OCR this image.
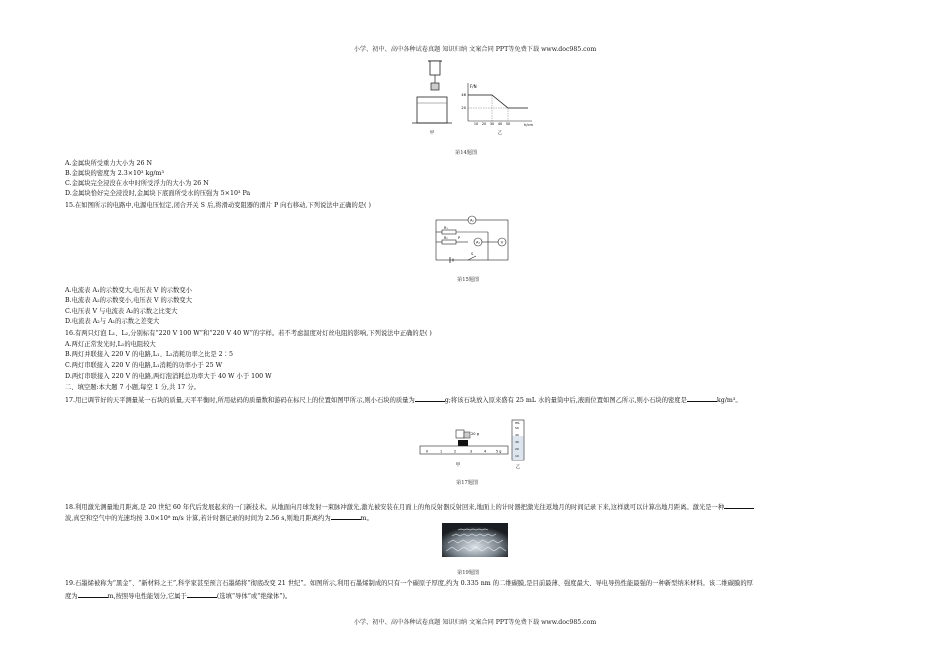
小学、初中、高中各种试卷真题 知识归纳 文案合同 PPT等免费下载 www.doc985.com
甲
F/N
h/cm
46
20
10 20 30 40 50
乙
第14题图
A.金属块所受重力大小为 26 N
B.金属块的密度为 2.3×10³ kg/m³
C.金属块完全浸没在水中时所受浮力的大小为 26 N
D.金属块恰好完全浸没时,金属块下底面所受水的压强为 5×10³ Pa
15.在如图所示的电路中,电源电压恒定,闭合开关 S 后,将滑动变阻器的滑片 P 向右移动,下列说法中正确的是( )
A₂
R₁
R₂	P
A₁	V
S
第15题图
A.电流表 A₁的示数变大,电压表 V 的示数变小
B.电流表 A₂的示数变小,电压表 V 的示数变大
C.电压表 V 与电流表 A₂的示数之比变大
D.电流表 A₂与 A₁的示数之差变大
16.有两只灯泡 L₁、L₂,分别标有“220 V 100 W”和“220 V 40 W”的字样。若不考虑温度对灯丝电阻的影响,下列说法中正确的是( )
A.两灯正常发光时,L₁的电阻较大
B.两灯并联接入 220 V 的电路,L₁、L₂消耗功率之比是 2∶5
C.两灯串联接入 220 V 的电路,L₁消耗的功率小于 25 W
D.两灯串联接入 220 V 的电路,两灯泡消耗总功率大于 40 W 小于 100 W
二、填空题:本大题 7 小题,每空 1 分,共 17 分。
17.用已调节好的天平测量某一石块的质量,天平平衡时,所用砝码的质量数和游码在标尺上的位置如图甲所示,则小石块的质量为	g;将该石块放入原来盛有 25 mL 水的量筒中后,液面位置如图乙所示,则小石块的密度是	kg/m³。
20 g
0	1	2	3	4	5 g
甲
mL
50
40
30
20
10
乙
第17题图
18.利用激光测量地月距离,是 20 世纪 60 年代后发展起来的一门新技术。从地面向月球发射一束脉冲激光,激光被安装在月面上的角反射器反射回来,地面上的计时器把激光往返地月的时间记录下来,这样就可以计算出地月距离。激光是一种
波,真空和空气中的光速均按 3.0×10⁸ m/s 计算,若计时器记录的时间为 2.56 s,则地月距离约为	m。
第19题图
19.石墨烯被称为“黑金”、“新材料之王”,科学家甚至预言石墨烯将“彻底改变 21 世纪”。如图所示,利用石墨烯制成的只有一个碳原子厚度,约为 0.335 nm 的二维碳膜,是目前最薄、强度最大、导电导热性能最强的一种新型纳米材料。该二维碳膜的厚
度为	m,按照导电性能划分,它属于	(选填“导体”或“绝缘体”)。
小学、初中、高中各种试卷真题 知识归纳 文案合同 PPT等免费下载 www.doc985.com
